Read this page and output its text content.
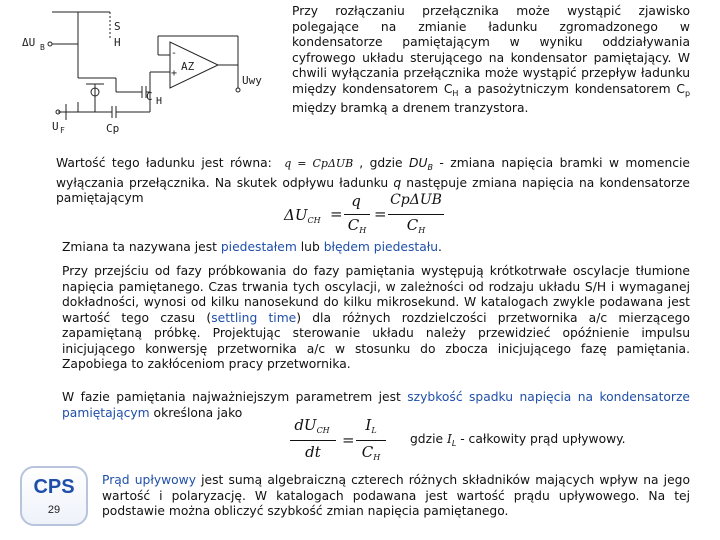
ΔU B
S
H
-
+
AZ
Uwy
C H
U F	Cp
Przy rozłączaniu przełącznika może wystąpić zjawisko polegające na zmianie ładunku zgromadzonego w kondensatorze pamiętającym w wyniku oddziaływania cyfrowego układu sterującego na kondensator pamiętający. W chwili wyłączania przełącznika może wystąpić przepływ ładunku między kondensatorem $C_H$ a pasożytniczym kondensatorem $C_p$ między bramką a drenem tranzystora.
Wartość tego ładunku jest równa: q = CpΔUB , gdzie $DU_B$ - zmiana napięcia bramki w momencie wyłączania przełącznika. Na skutek odpływu ładunku q następuje zmiana napięcia na kondensatorze pamiętającym
$\Delta U_{CH}$ =
q
$C_H$
=
CpΔUB
$C_H$
Zmiana ta nazywana jest piedestałem lub błędem piedestału.
Przy przejściu od fazy próbkowania do fazy pamiętania występują krótkotrwałe oscylacje tłumione napięcia pamiętanego. Czas trwania tych oscylacji, w zależności od rodzaju układu S/H i wymaganej dokładności, wynosi od kilku nanosekund do kilku mikrosekund. W katalogach zwykle podawana jest wartość tego czasu (settling time) dla różnych rozdzielczości przetwornika a/c mierzącego zapamiętaną próbkę. Projektując sterowanie układu należy przewidzieć opóźnienie impulsu inicjującego konwersję przetwornika a/c w stosunku do zbocza inicjującego fazę pamiętania. Zapobiega to zakłóceniom pracy przetwornika.
W fazie pamiętania najważniejszym parametrem jest szybkość spadku napięcia na kondensatorze pamiętającym określona jako
$dU_{CH}$
dt
=
$I_L$
$C_H$
gdzie $I_L$ - całkowity prąd upływowy.
Prąd upływowy jest sumą algebraiczną czterech różnych składników mających wpływ na jego wartość i polaryzację. W katalogach podawana jest wartość prądu upływowego. Na tej podstawie można obliczyć szybkość zmian napięcia pamiętanego.
CPS
29
